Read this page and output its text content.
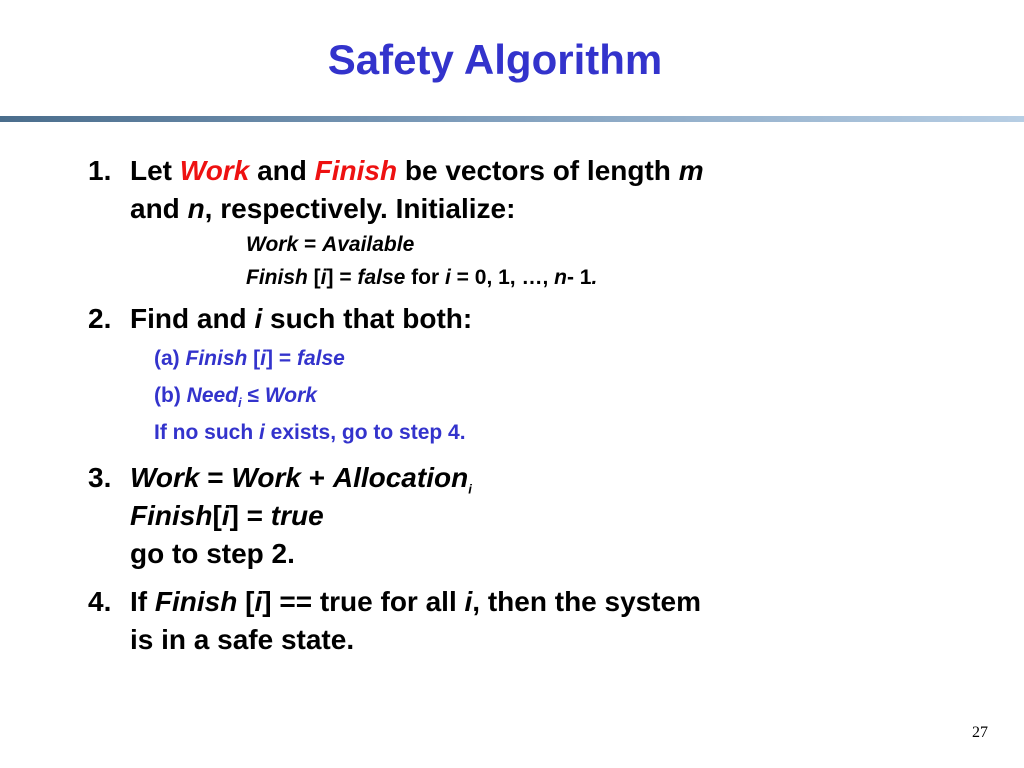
Safety Algorithm
1. Let Work and Finish be vectors of length m
and n, respectively. Initialize:
Work = Available
Finish [i] = false for i = 0, 1, …, n- 1.
2. Find and i such that both:
(a) Finish [i] = false
(b) Need$_i$ ≤ Work
If no such i exists, go to step 4.
3. Work = Work + Allocation$_i$
Finish[i] = true
go to step 2.
4. If Finish [i] == true for all i, then the system
is in a safe state.
27
